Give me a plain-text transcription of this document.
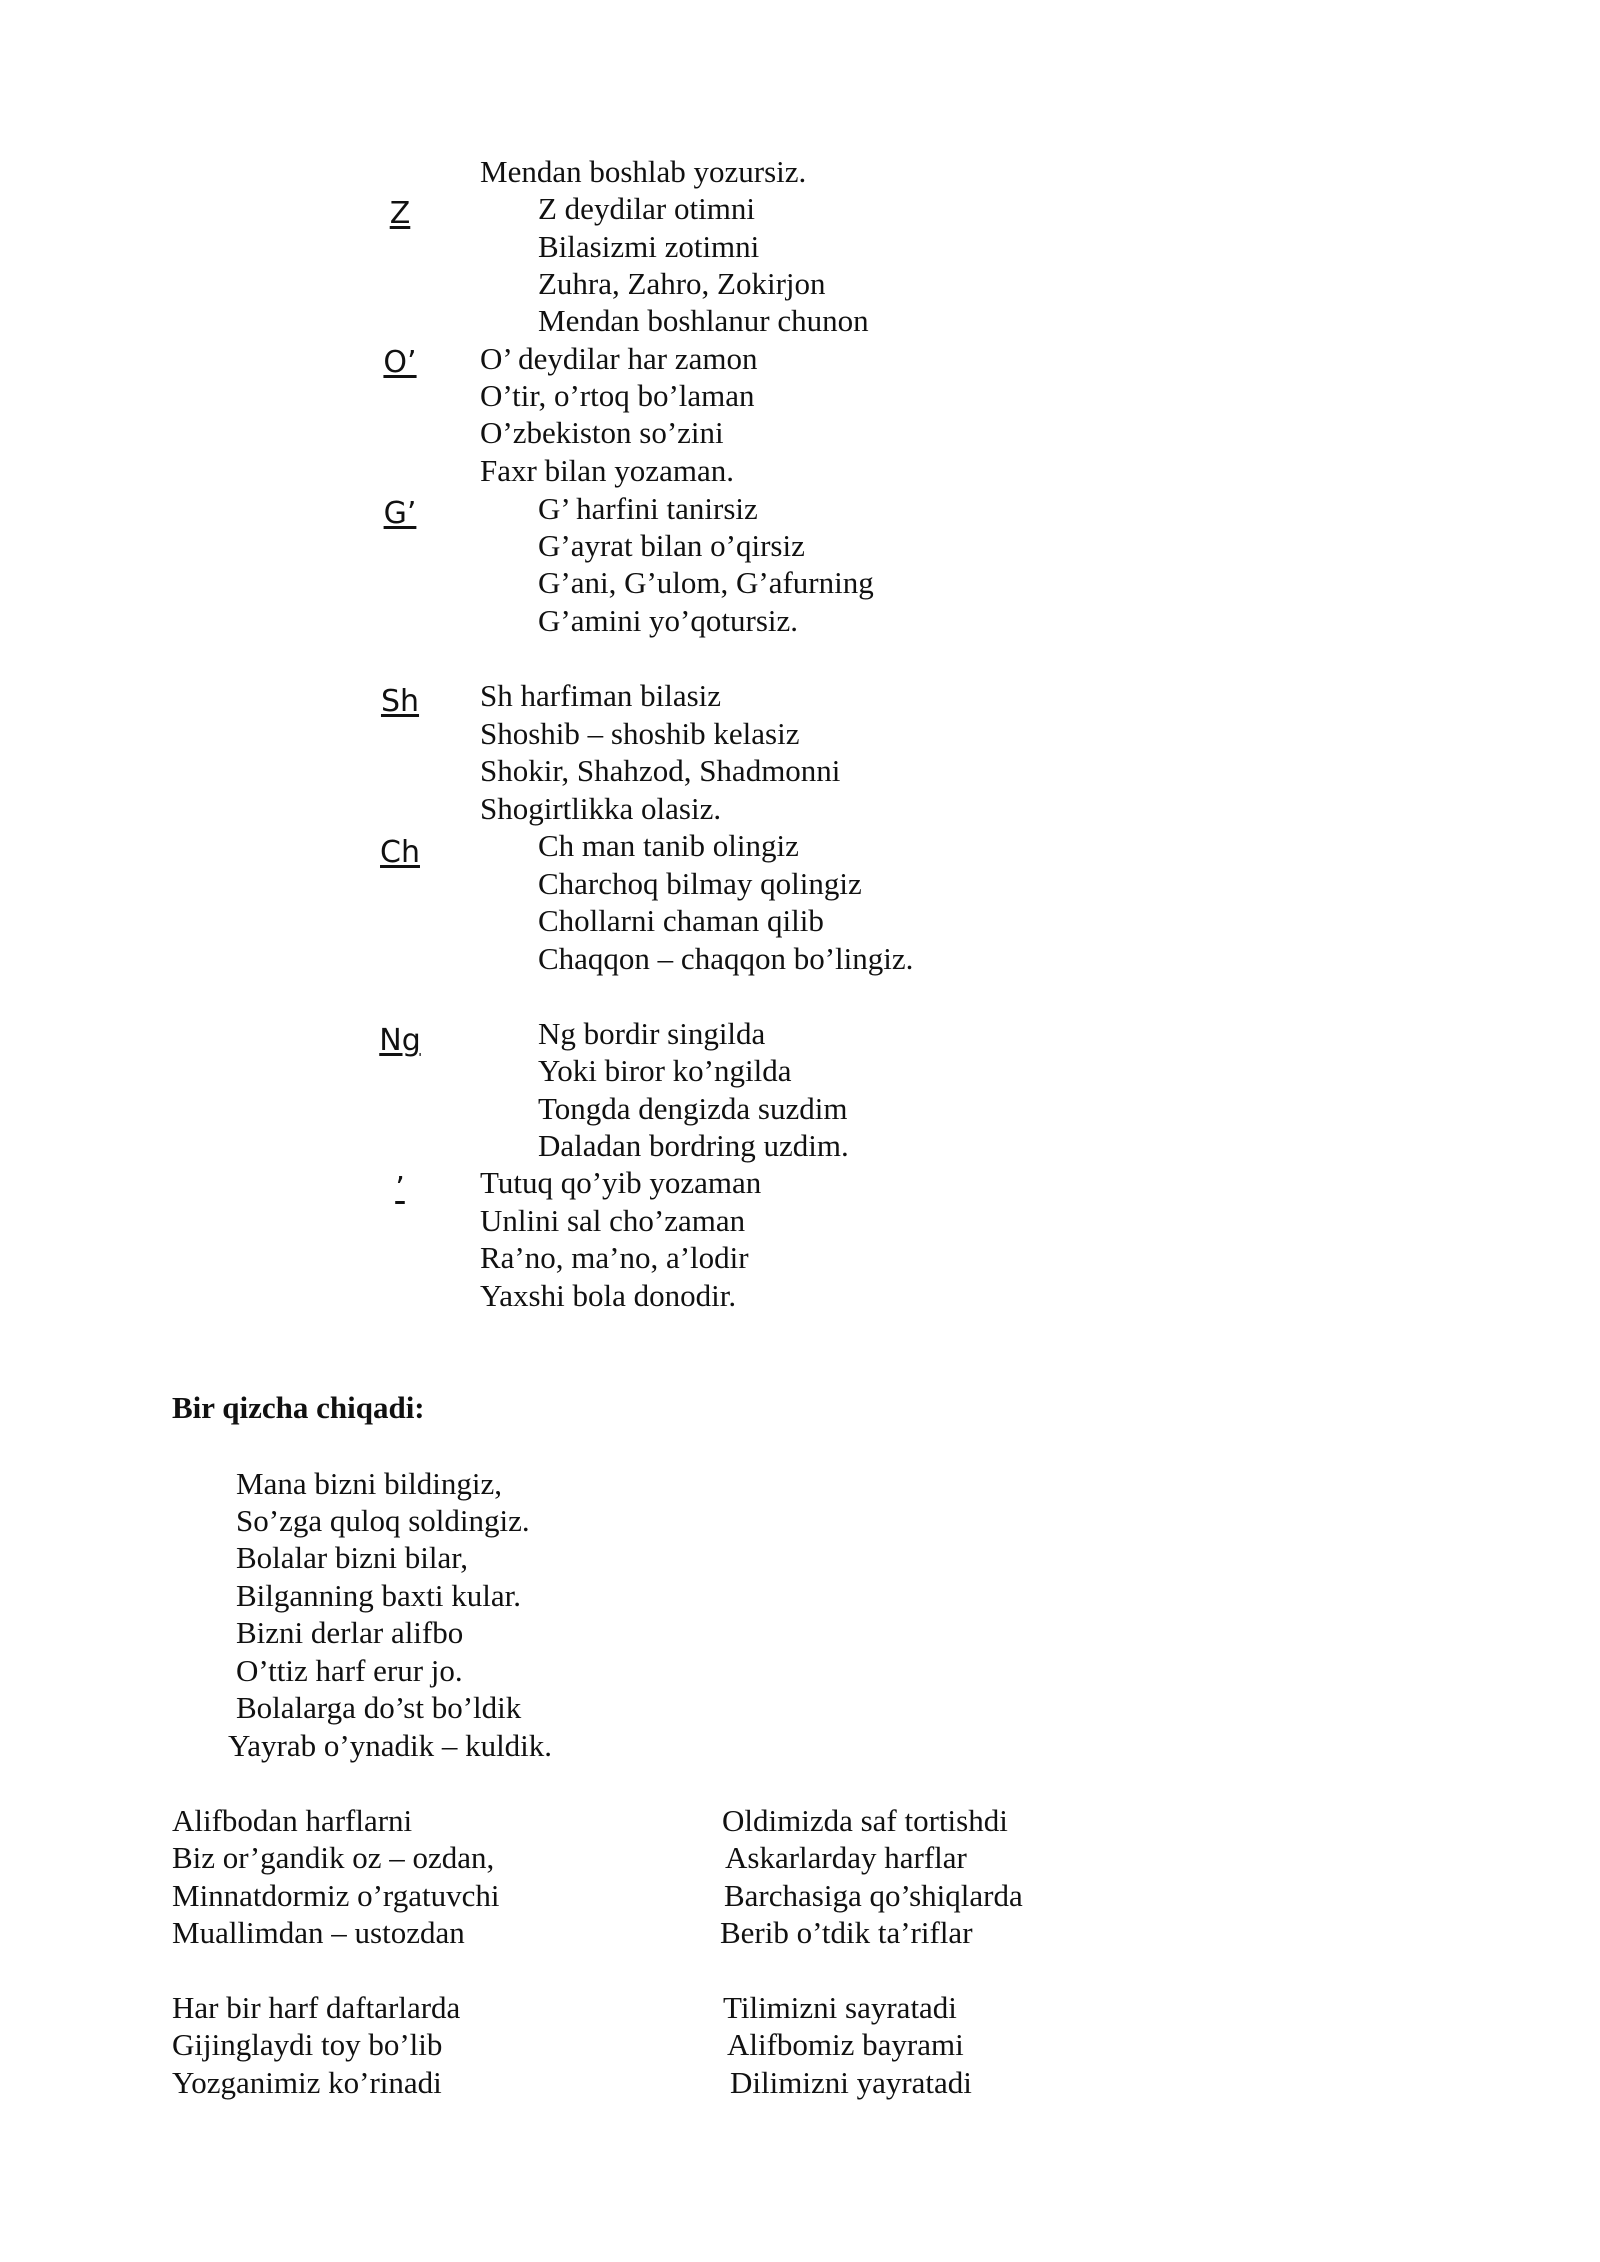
Z
O’
G’
Sh
Ch
Ng
’
Mendan boshlab yozursiz.
Z deydilar otimni
Bilasizmi zotimni
Zuhra, Zahro, Zokirjon
Mendan boshlanur chunon
O’ deydilar har zamon
O’tir, o’rtoq bo’laman
O’zbekiston so’zini
Faxr bilan yozaman.
G’ harfini tanirsiz
G’ayrat bilan o’qirsiz
G’ani, G’ulom, G’afurning
G’amini yo’qotursiz.
Sh harfiman bilasiz
Shoshib – shoshib kelasiz
Shokir, Shahzod, Shadmonni
Shogirtlikka olasiz.
Ch man tanib olingiz
Charchoq bilmay qolingiz
Chollarni chaman qilib
Chaqqon – chaqqon bo’lingiz.
Ng bordir singilda
Yoki biror ko’ngilda
Tongda dengizda suzdim
Daladan bordring uzdim.
Tutuq qo’yib yozaman
Unlini sal cho’zaman
Ra’no, ma’no, a’lodir
Yaxshi bola donodir.
Bir qizcha chiqadi:
Mana bizni bildingiz,
So’zga quloq soldingiz.
Bolalar bizni bilar,
Bilganning baxti kular.
Bizni derlar alifbo
O’ttiz harf erur jo.
Bolalarga do’st bo’ldik
Yayrab o’ynadik – kuldik.
Alifbodan harflarni
Biz or’gandik oz – ozdan,
Minnatdormiz o’rgatuvchi
Muallimdan – ustozdan
Har bir harf daftarlarda
Gijinglaydi toy bo’lib
Yozganimiz ko’rinadi
Oldimizda saf tortishdi
Askarlarday harflar
Barchasiga qo’shiqlarda
Berib o’tdik ta’riflar
Tilimizni sayratadi
Alifbomiz bayrami
Dilimizni yayratadi
